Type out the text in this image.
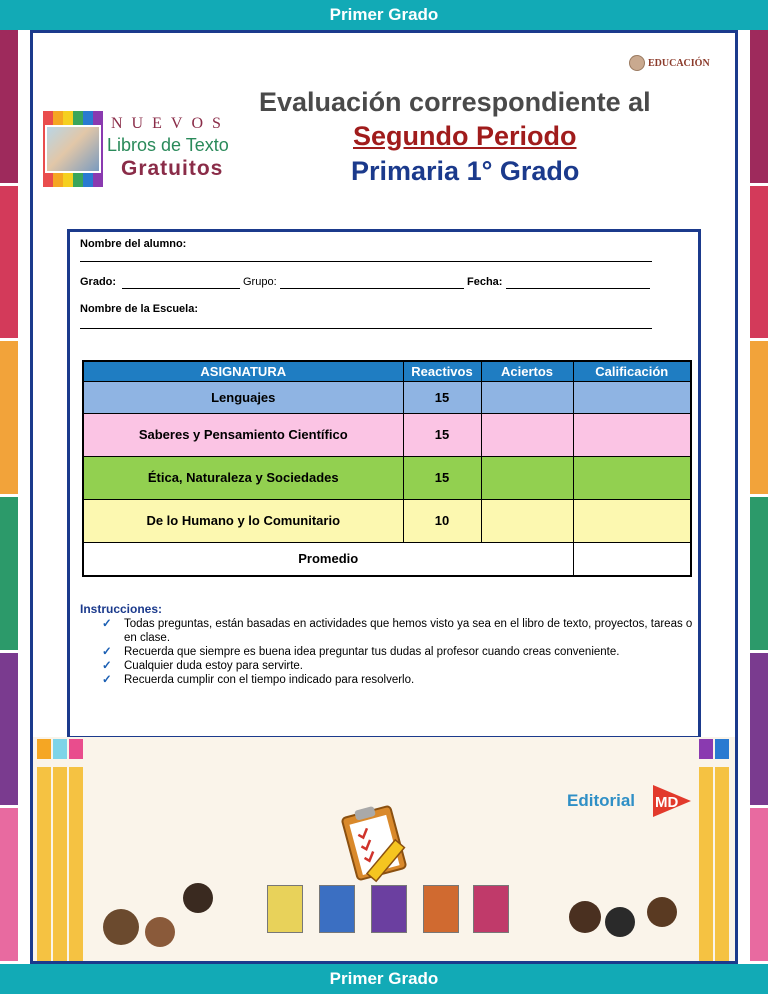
Primer Grado
EDUCACIÓN
NUEVOS
Libros de Texto
Gratuitos
Evaluación correspondiente al
Segundo Periodo
Primaria 1° Grado
Nombre del alumno:
Grado:	Grupo:	Fecha:
Nombre de la Escuela:
ASIGNATURA	Reactivos	Aciertos	Calificación
Lenguajes	15		
Saberes y Pensamiento Científico	15		
Ética, Naturaleza y Sociedades	15		
De lo Humano y lo Comunitario	10		
Promedio			
Instrucciones:
✓ Todas preguntas, están basadas en actividades que hemos visto ya sea en el libro de texto, proyectos, tareas o en clase.
✓ Recuerda que siempre es buena idea preguntar tus dudas al profesor cuando creas conveniente.
✓ Cualquier duda estoy para servirte.
✓ Recuerda cumplir con el tiempo indicado para resolverlo.
Editorial MD
Primer Grado
